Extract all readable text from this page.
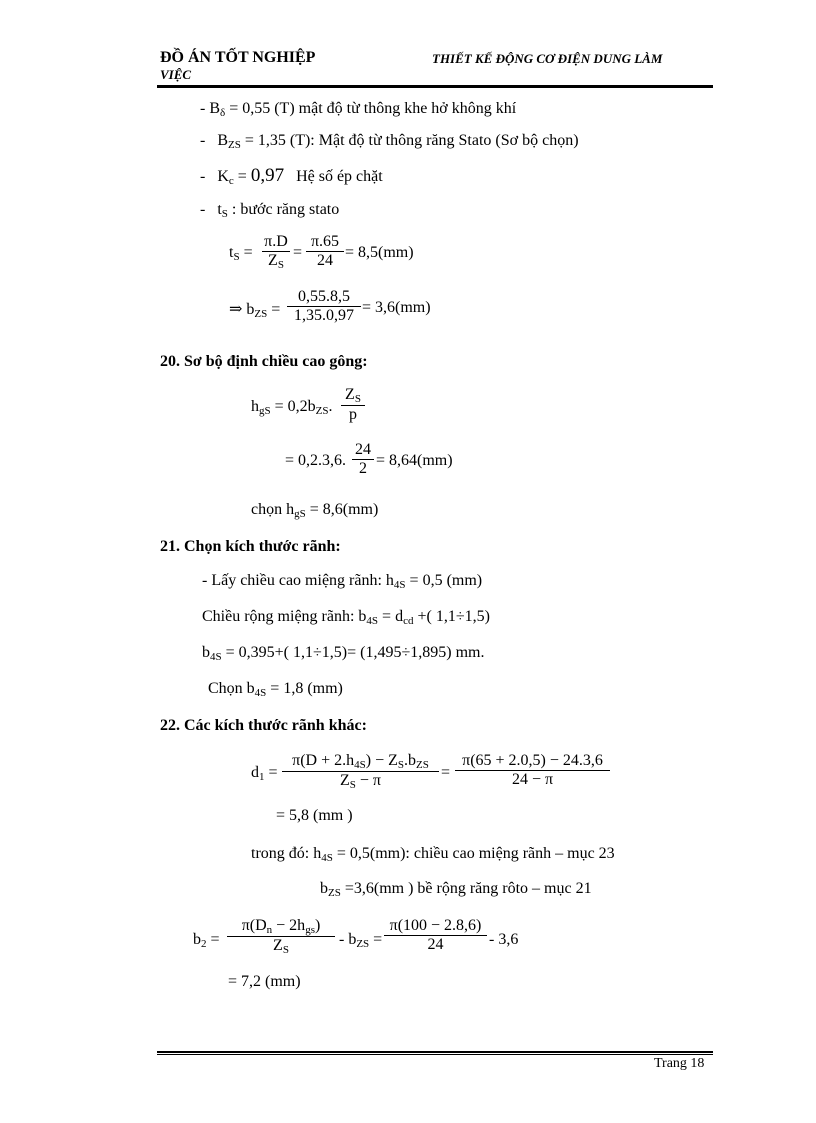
ĐỒ ÁN TỐT NGHIỆP
VIỆC
THIẾT KẾ ĐỘNG CƠ ĐIỆN DUNG LÀM
- $B_\delta = 0,55$ (T) mật độ từ thông khe hở không khí
-   $B_{ZS} = 1,35$ (T): Mật độ từ thông răng Stato (Sơ bộ chọn)
-   $K_c = 0,97$ Hệ số ép chặt
-   $t_S$ : bước răng stato
$t_S = \frac{\pi.D}{Z_S} = \frac{\pi.65}{24} = 8,5(mm)$
⇒ $b_{ZS} = \frac{0,55.8,5}{1,35.0,97} = 3,6(mm)$
20. Sơ bộ định chiều cao gông:
$h_{gS} = 0,2b_{ZS}$. $\frac{Z_S}{p}$
= 0,2.3,6. $\frac{24}{2} = 8,64(mm)$
chọn $h_{gS} = 8,6(mm)$
21. Chọn kích thước rãnh:
- Lấy chiều cao miệng rãnh: $h_{4S} = 0,5$ (mm)
Chiều rộng miệng rãnh: $b_{4S} = d_{cd}$ +( 1,1÷1,5)
$b_{4S} = 0,395+$( 1,1÷1,5)= (1,495÷1,895) mm.
Chọn $b_{4S} = 1,8$ (mm)
22. Các kích thước rãnh khác:
$d_1$ =
$\pi(D + 2.h_{4S}) - Z_S.b_{ZS}$
$Z_S - \pi$	= $\frac{\pi(65 + 2.0,5) - 24.3,6}{24 - \pi}$
= 5,8 (mm )
trong đó: $h_{4S} = 0,5(mm)$: chiều cao miệng rãnh – mục 23
$b_{ZS} =3,6(mm$ ) bề rộng răng rôto – mục 21
$b_2$ =
$\pi(D_n - 2h_{gs})$
$Z_S$
- $b_{ZS} = \frac{\pi(100 - 2.8,6)}{24} - 3,6$
= 7,2 (mm)
Trang 18
